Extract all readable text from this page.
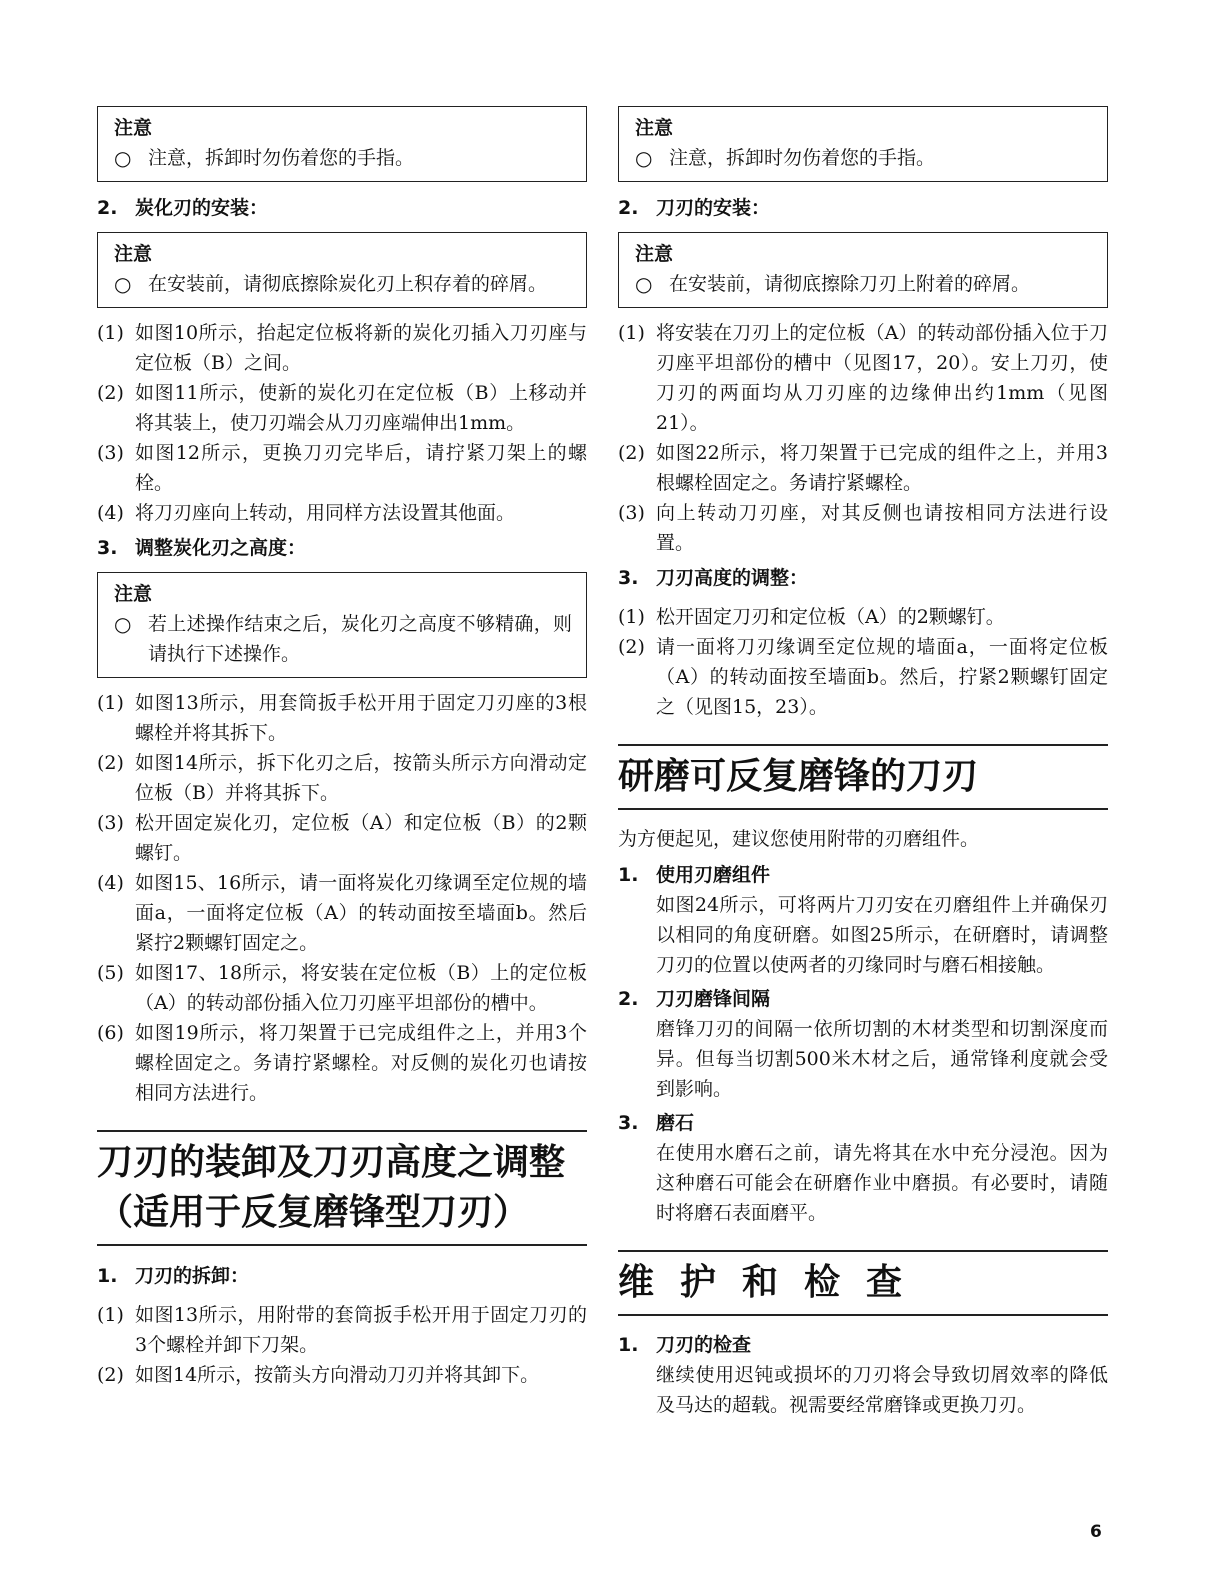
注意
○ 注意，拆卸时勿伤着您的手指。
2. 炭化刃的安装：
注意
○ 在安装前，请彻底擦除炭化刃上积存着的碎屑。
(1) 如图10所示，抬起定位板将新的炭化刃插入刀刃座与定位板（B）之间。
(2) 如图11所示，使新的炭化刃在定位板（B）上移动并将其装上，使刀刃端会从刀刃座端伸出1mm。
(3) 如图12所示，更换刀刃完毕后，请拧紧刀架上的螺栓。
(4) 将刀刃座向上转动，用同样方法设置其他面。
3. 调整炭化刃之高度：
注意
○ 若上述操作结束之后，炭化刃之高度不够精确，则请执行下述操作。
(1) 如图13所示，用套筒扳手松开用于固定刀刃座的3根螺栓并将其拆下。
(2) 如图14所示，拆下化刃之后，按箭头所示方向滑动定位板（B）并将其拆下。
(3) 松开固定炭化刃，定位板（A）和定位板（B）的2颗螺钉。
(4) 如图15、16所示，请一面将炭化刃缘调至定位规的墙面a，一面将定位板（A）的转动面按至墙面b。然后紧拧2颗螺钉固定之。
(5) 如图17、18所示，将安装在定位板（B）上的定位板（A）的转动部份插入位刀刃座平坦部份的槽中。
(6) 如图19所示，将刀架置于已完成组件之上，并用3个螺栓固定之。务请拧紧螺栓。对反侧的炭化刃也请按相同方法进行。
刀刃的装卸及刀刃高度之调整
（适用于反复磨锋型刀刃）
1. 刀刃的拆卸：
(1) 如图13所示，用附带的套筒扳手松开用于固定刀刃的3个螺栓并卸下刀架。
(2) 如图14所示，按箭头方向滑动刀刃并将其卸下。
注意
○ 注意，拆卸时勿伤着您的手指。
2. 刀刃的安装：
注意
○ 在安装前，请彻底擦除刀刃上附着的碎屑。
(1) 将安装在刀刃上的定位板（A）的转动部份插入位于刀刃座平坦部份的槽中（见图17，20）。安上刀刃，使刀刃的两面均从刀刃座的边缘伸出约1mm（见图21）。
(2) 如图22所示，将刀架置于已完成的组件之上，并用3根螺栓固定之。务请拧紧螺栓。
(3) 向上转动刀刃座，对其反侧也请按相同方法进行设置。
3. 刀刃高度的调整：
(1) 松开固定刀刃和定位板（A）的2颗螺钉。
(2) 请一面将刀刃缘调至定位规的墙面a，一面将定位板（A）的转动面按至墙面b。然后，拧紧2颗螺钉固定之（见图15，23）。
研磨可反复磨锋的刀刃
为方便起见，建议您使用附带的刃磨组件。
1. 使用刃磨组件
如图24所示，可将两片刀刃安在刃磨组件上并确保刃以相同的角度研磨。如图25所示，在研磨时，请调整刀刃的位置以使两者的刃缘同时与磨石相接触。
2. 刀刃磨锋间隔
磨锋刀刃的间隔一依所切割的木材类型和切割深度而异。但每当切割500米木材之后，通常锋利度就会受到影响。
3. 磨石
在使用水磨石之前，请先将其在水中充分浸泡。因为这种磨石可能会在研磨作业中磨损。有必要时，请随时将磨石表面磨平。
维护和检查
1. 刀刃的检查
继续使用迟钝或损坏的刀刃将会导致切屑效率的降低及马达的超载。视需要经常磨锋或更换刀刃。
6
